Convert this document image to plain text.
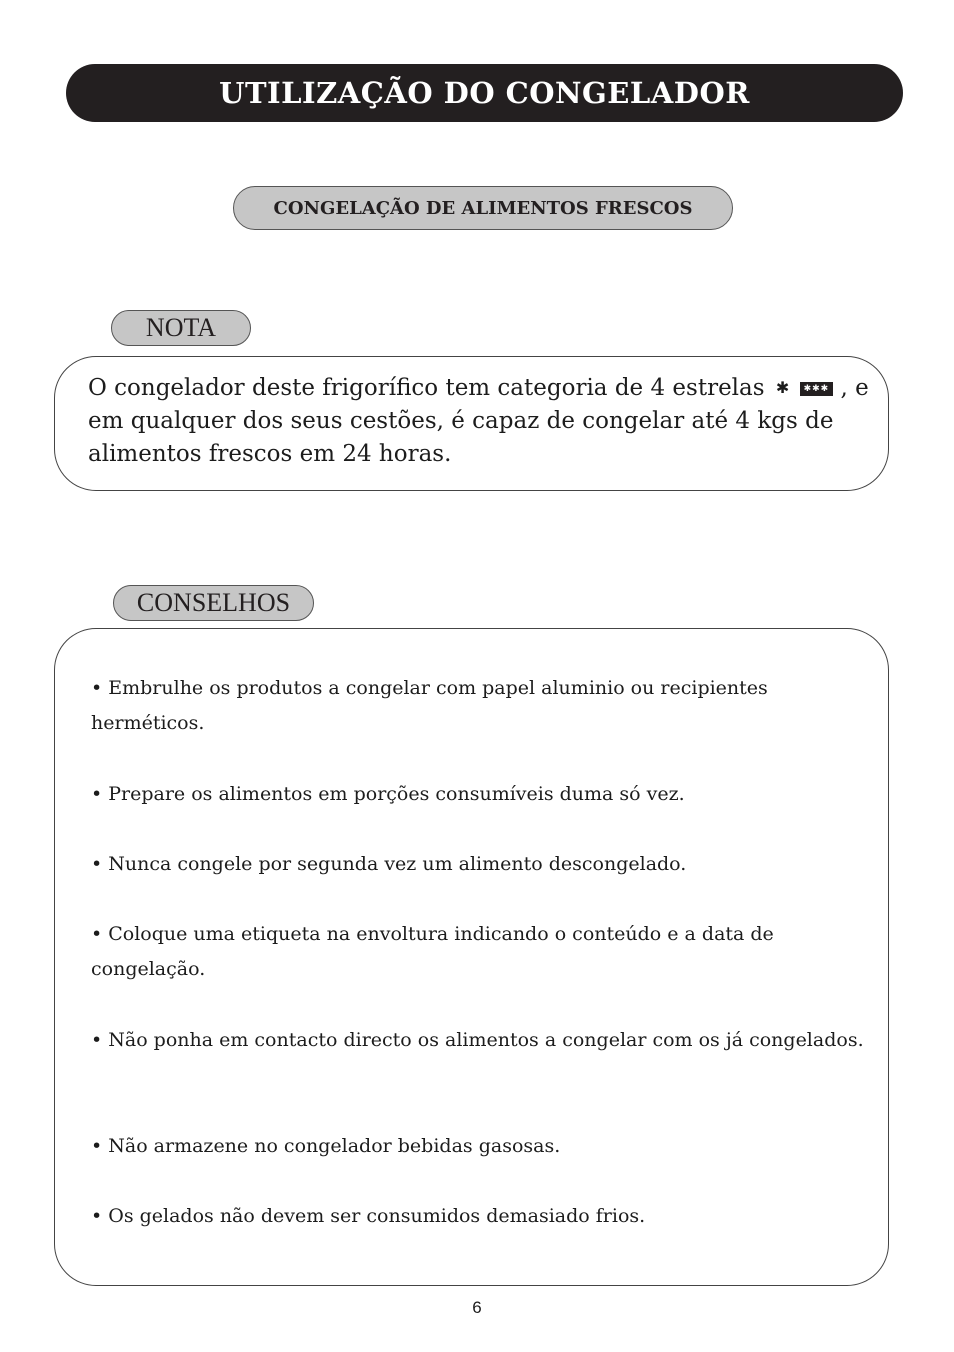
UTILIZAÇÃO DO CONGELADOR
CONGELAÇÃO DE ALIMENTOS FRESCOS
NOTA
O congelador deste frigorífico tem categoria de 4 estrelas ✱ ✱✱✱ , e em qualquer dos seus cestões, é capaz de congelar até 4 kgs de alimentos frescos em 24 horas.
CONSELHOS

• Embrulhe os produtos a congelar com papel aluminio ou recipientes herméticos.

• Prepare os alimentos em porções consumíveis duma só vez.

• Nunca congele por segunda vez um alimento descongelado.

• Coloque uma etiqueta na envoltura indicando o conteúdo e a data de congelação.

• Não ponha em contacto directo os alimentos a congelar com os já congelados.

• Não armazene no congelador bebidas gasosas.

• Os gelados não devem ser consumidos demasiado frios.

6
